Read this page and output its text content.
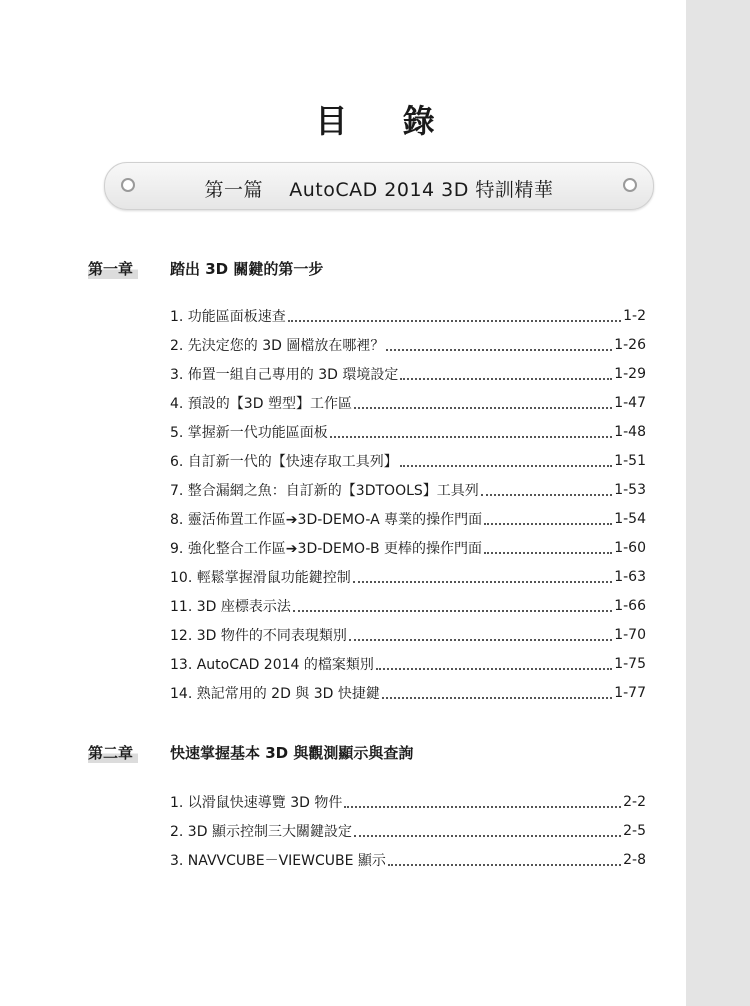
目 錄
第一篇 AutoCAD 2014 3D 特訓精華
第一章	踏出 3D 關鍵的第一步
1. 功能區面板速查	1-2
2. 先決定您的 3D 圖檔放在哪裡？	1-26
3. 佈置一組自己專用的 3D 環境設定	1-29
4. 預設的【3D 塑型】工作區	1-47
5. 掌握新一代功能區面板	1-48
6. 自訂新一代的【快速存取工具列】	1-51
7. 整合漏網之魚：自訂新的【3DTOOLS】工具列	1-53
8. 靈活佈置工作區➔3D-DEMO-A 專業的操作門面	1-54
9. 強化整合工作區➔3D-DEMO-B 更棒的操作門面	1-60
10. 輕鬆掌握滑鼠功能鍵控制	1-63
11. 3D 座標表示法	1-66
12. 3D 物件的不同表現類別	1-70
13. AutoCAD 2014 的檔案類別	1-75
14. 熟記常用的 2D 與 3D 快捷鍵	1-77
第二章	快速掌握基本 3D 與觀測顯示與查詢
1. 以滑鼠快速導覽 3D 物件	2-2
2. 3D 顯示控制三大關鍵設定	2-5
3. NAVVCUBE－VIEWCUBE 顯示	2-8
